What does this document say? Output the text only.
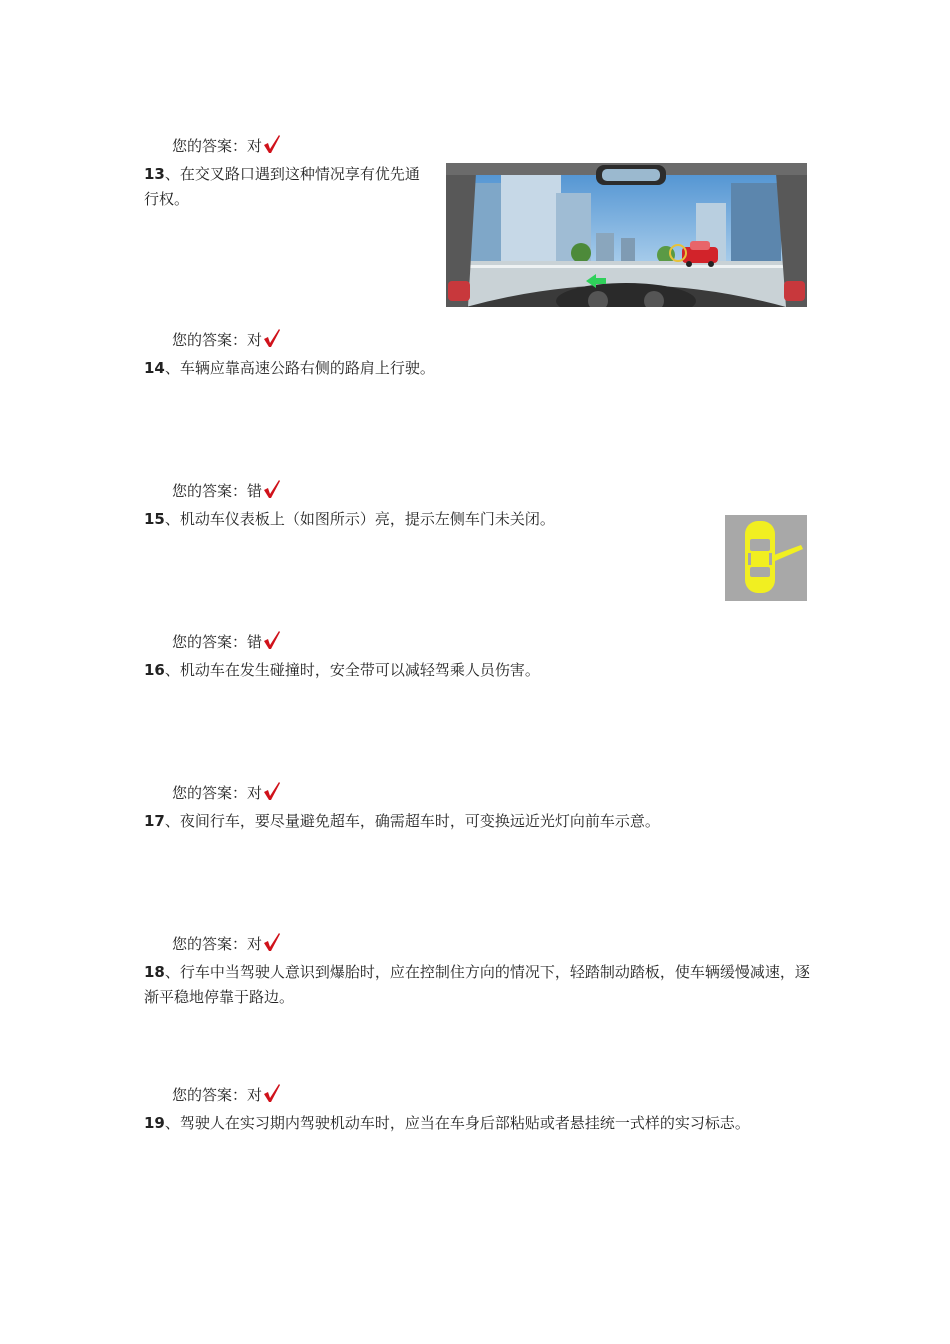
您的答案：对
13、在交叉路口遇到这种情况享有优先通
行权。
您的答案：对
14、车辆应靠高速公路右侧的路肩上行驶。
您的答案：错
15、机动车仪表板上（如图所示）亮，提示左侧车门未关闭。
您的答案：错
16、机动车在发生碰撞时，安全带可以减轻驾乘人员伤害。
您的答案：对
17、夜间行车，要尽量避免超车，确需超车时，可变换远近光灯向前车示意。
您的答案：对
18、行车中当驾驶人意识到爆胎时，应在控制住方向的情况下，轻踏制动踏板，使车辆缓慢减速，逐渐平稳地停靠于路边。
您的答案：对
19、驾驶人在实习期内驾驶机动车时，应当在车身后部粘贴或者悬挂统一式样的实习标志。
